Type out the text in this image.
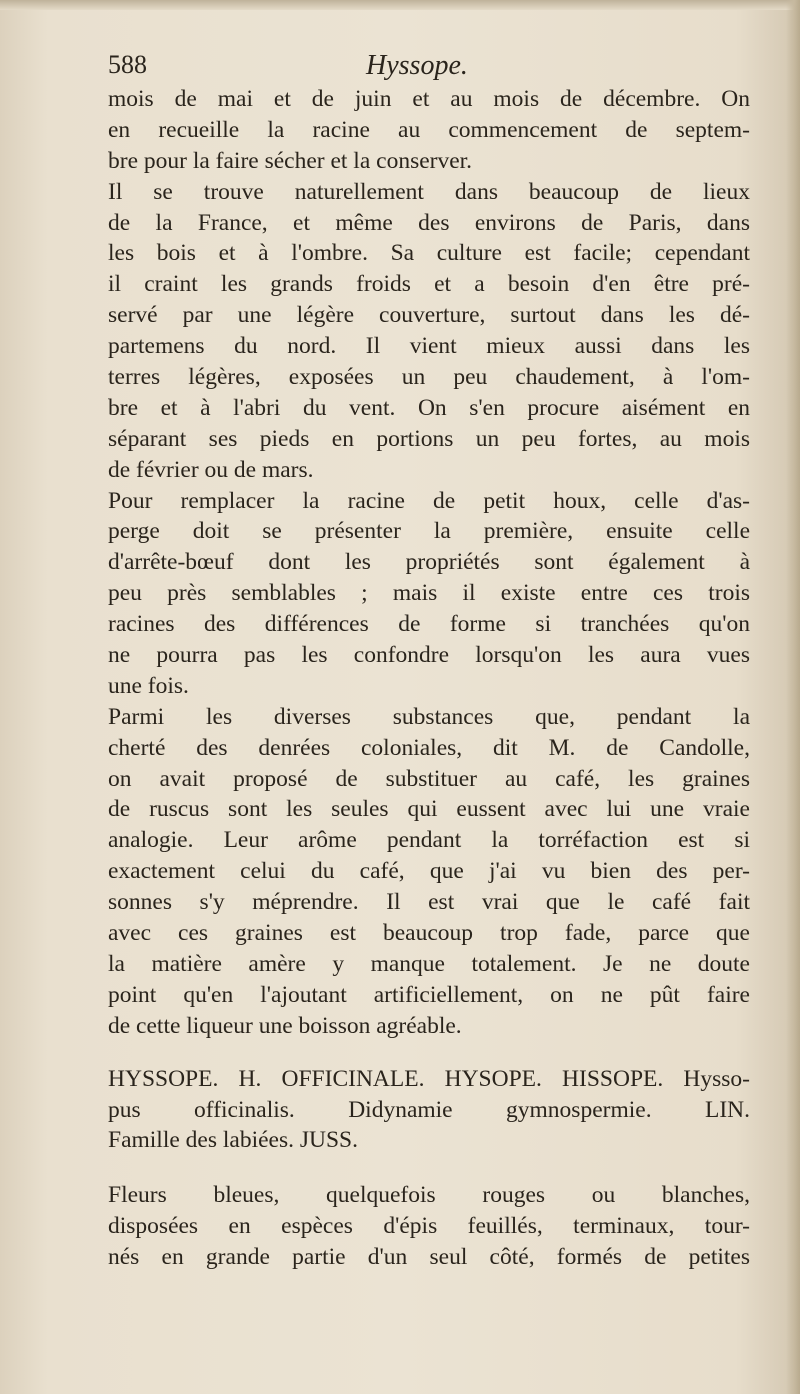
588	Hyssope.
mois de mai et de juin et au mois de décembre. On
en recueille la racine au commencement de septem-
bre pour la faire sécher et la conserver.
Il se trouve naturellement dans beaucoup de lieux
de la France, et même des environs de Paris, dans
les bois et à l'ombre. Sa culture est facile; cependant
il craint les grands froids et a besoin d'en être pré-
servé par une légère couverture, surtout dans les dé-
partemens du nord. Il vient mieux aussi dans les
terres légères, exposées un peu chaudement, à l'om-
bre et à l'abri du vent. On s'en procure aisément en
séparant ses pieds en portions un peu fortes, au mois
de février ou de mars.
Pour remplacer la racine de petit houx, celle d'as-
perge doit se présenter la première, ensuite celle
d'arrête-bœuf dont les propriétés sont également à
peu près semblables ; mais il existe entre ces trois
racines des différences de forme si tranchées qu'on
ne pourra pas les confondre lorsqu'on les aura vues
une fois.
Parmi les diverses substances que, pendant la
cherté des denrées coloniales, dit M. de Candolle,
on avait proposé de substituer au café, les graines
de ruscus sont les seules qui eussent avec lui une vraie
analogie. Leur arôme pendant la torréfaction est si
exactement celui du café, que j'ai vu bien des per-
sonnes s'y méprendre. Il est vrai que le café fait
avec ces graines est beaucoup trop fade, parce que
la matière amère y manque totalement. Je ne doute
point qu'en l'ajoutant artificiellement, on ne pût faire
de cette liqueur une boisson agréable.
HYSSOPE. H. OFFICINALE. HYSOPE. HISSOPE. Hysso-
pus officinalis. Didynamie gymnospermie. LIN.
Famille des labiées. JUSS.
Fleurs bleues, quelquefois rouges ou blanches,
disposées en espèces d'épis feuillés, terminaux, tour-
nés en grande partie d'un seul côté, formés de petites
